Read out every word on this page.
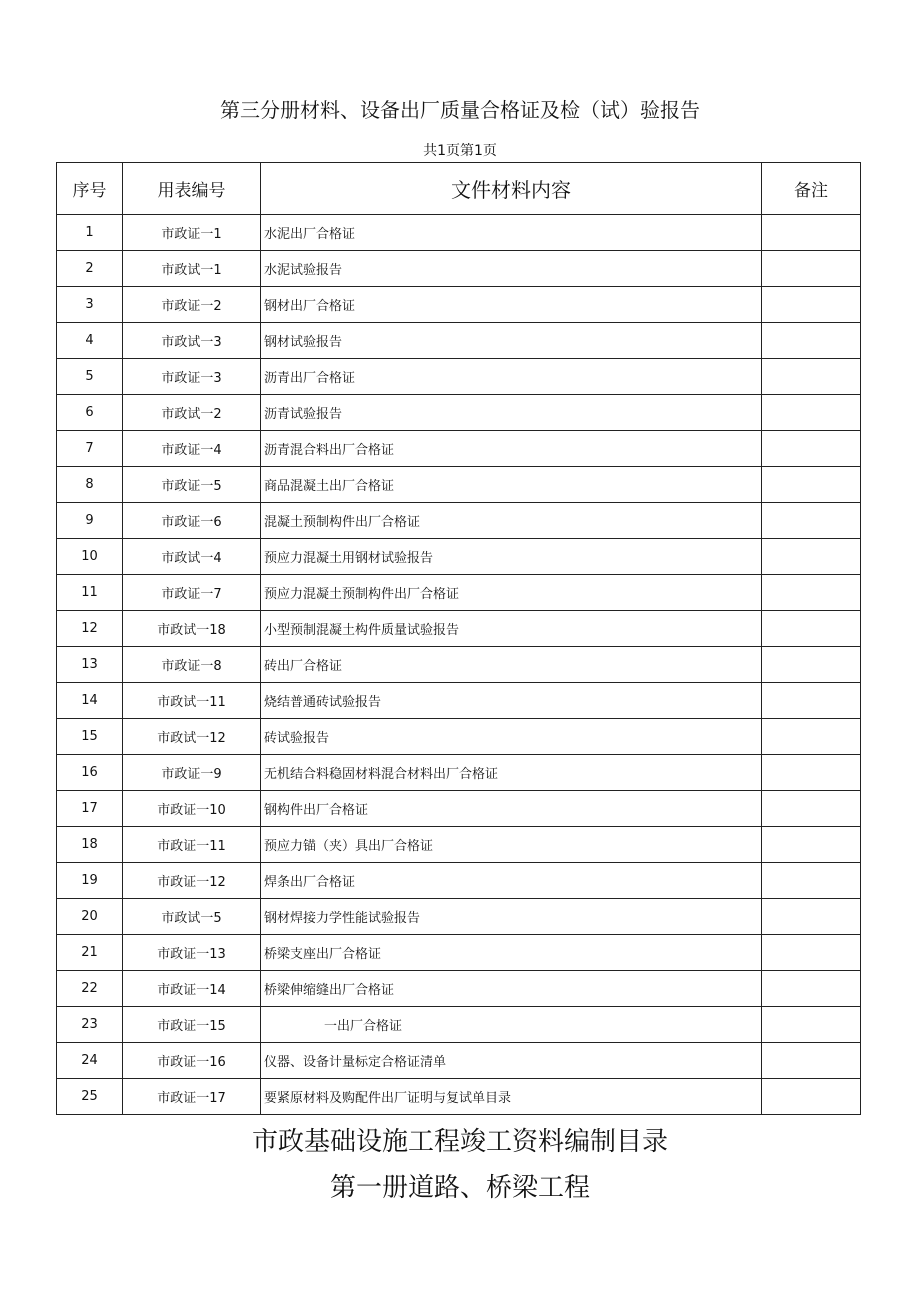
第三分册材料、设备出厂质量合格证及检（试）验报告
共1页第1页
序号	用表编号	文件材料内容	备注
1	市政证一1	水泥出厂合格证	
2	市政试一1	水泥试验报告	
3	市政证一2	钢材出厂合格证	
4	市政试一3	钢材试验报告	
5	市政证一3	沥青出厂合格证	
6	市政试一2	沥青试验报告	
7	市政证一4	沥青混合料出厂合格证	
8	市政证一5	商品混凝土出厂合格证	
9	市政证一6	混凝土预制构件出厂合格证	
10	市政试一4	预应力混凝土用钢材试验报告	
11	市政证一7	预应力混凝土预制构件出厂合格证	
12	市政试一18	小型预制混凝土构件质量试验报告	
13	市政证一8	砖出厂合格证	
14	市政试一11	烧结普通砖试验报告	
15	市政试一12	砖试验报告	
16	市政证一9	无机结合料稳固材料混合材料出厂合格证	
17	市政证一10	钢构件出厂合格证	
18	市政证一11	预应力锚（夹）具出厂合格证	
19	市政证一12	焊条出厂合格证	
20	市政试一5	钢材焊接力学性能试验报告	
21	市政证一13	桥梁支座出厂合格证	
22	市政证一14	桥梁伸缩缝出厂合格证	
23	市政证一15	一出厂合格证	
24	市政证一16	仪器、设备计量标定合格证清单	
25	市政证一17	要紧原材料及购配件出厂证明与复试单目录	
市政基础设施工程竣工资料编制目录
第一册道路、桥梁工程
